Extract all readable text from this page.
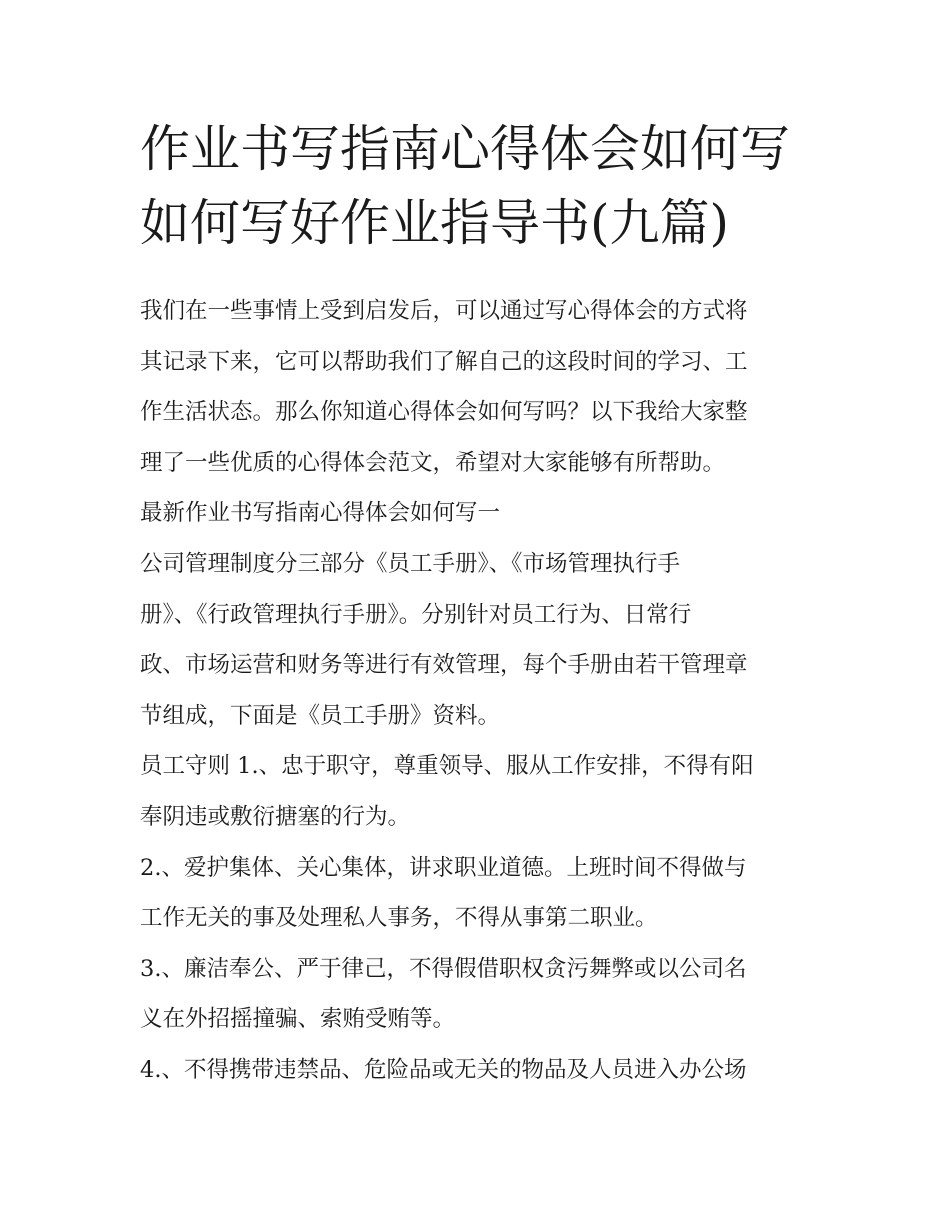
作业书写指南心得体会如何写
如何写好作业指导书(九篇)

我们在一些事情上受到启发后，可以通过写心得体会的方式将
其记录下来，它可以帮助我们了解自己的这段时间的学习、工
作生活状态。那么你知道心得体会如何写吗？以下我给大家整
理了一些优质的心得体会范文，希望对大家能够有所帮助。

最新作业书写指南心得体会如何写一

公司管理制度分三部分《员工手册》、《市场管理执行手
册》、《行政管理执行手册》。分别针对员工行为、日常行
政、市场运营和财务等进行有效管理，每个手册由若干管理章
节组成，下面是《员工手册》资料。

员工守则 1.、忠于职守，尊重领导、服从工作安排，不得有阳
奉阴违或敷衍搪塞的行为。

2.、爱护集体、关心集体，讲求职业道德。上班时间不得做与
工作无关的事及处理私人事务，不得从事第二职业。

3.、廉洁奉公、严于律己，不得假借职权贪污舞弊或以公司名
义在外招摇撞骗、索贿受贿等。

4.、不得携带违禁品、危险品或无关的物品及人员进入办公场
